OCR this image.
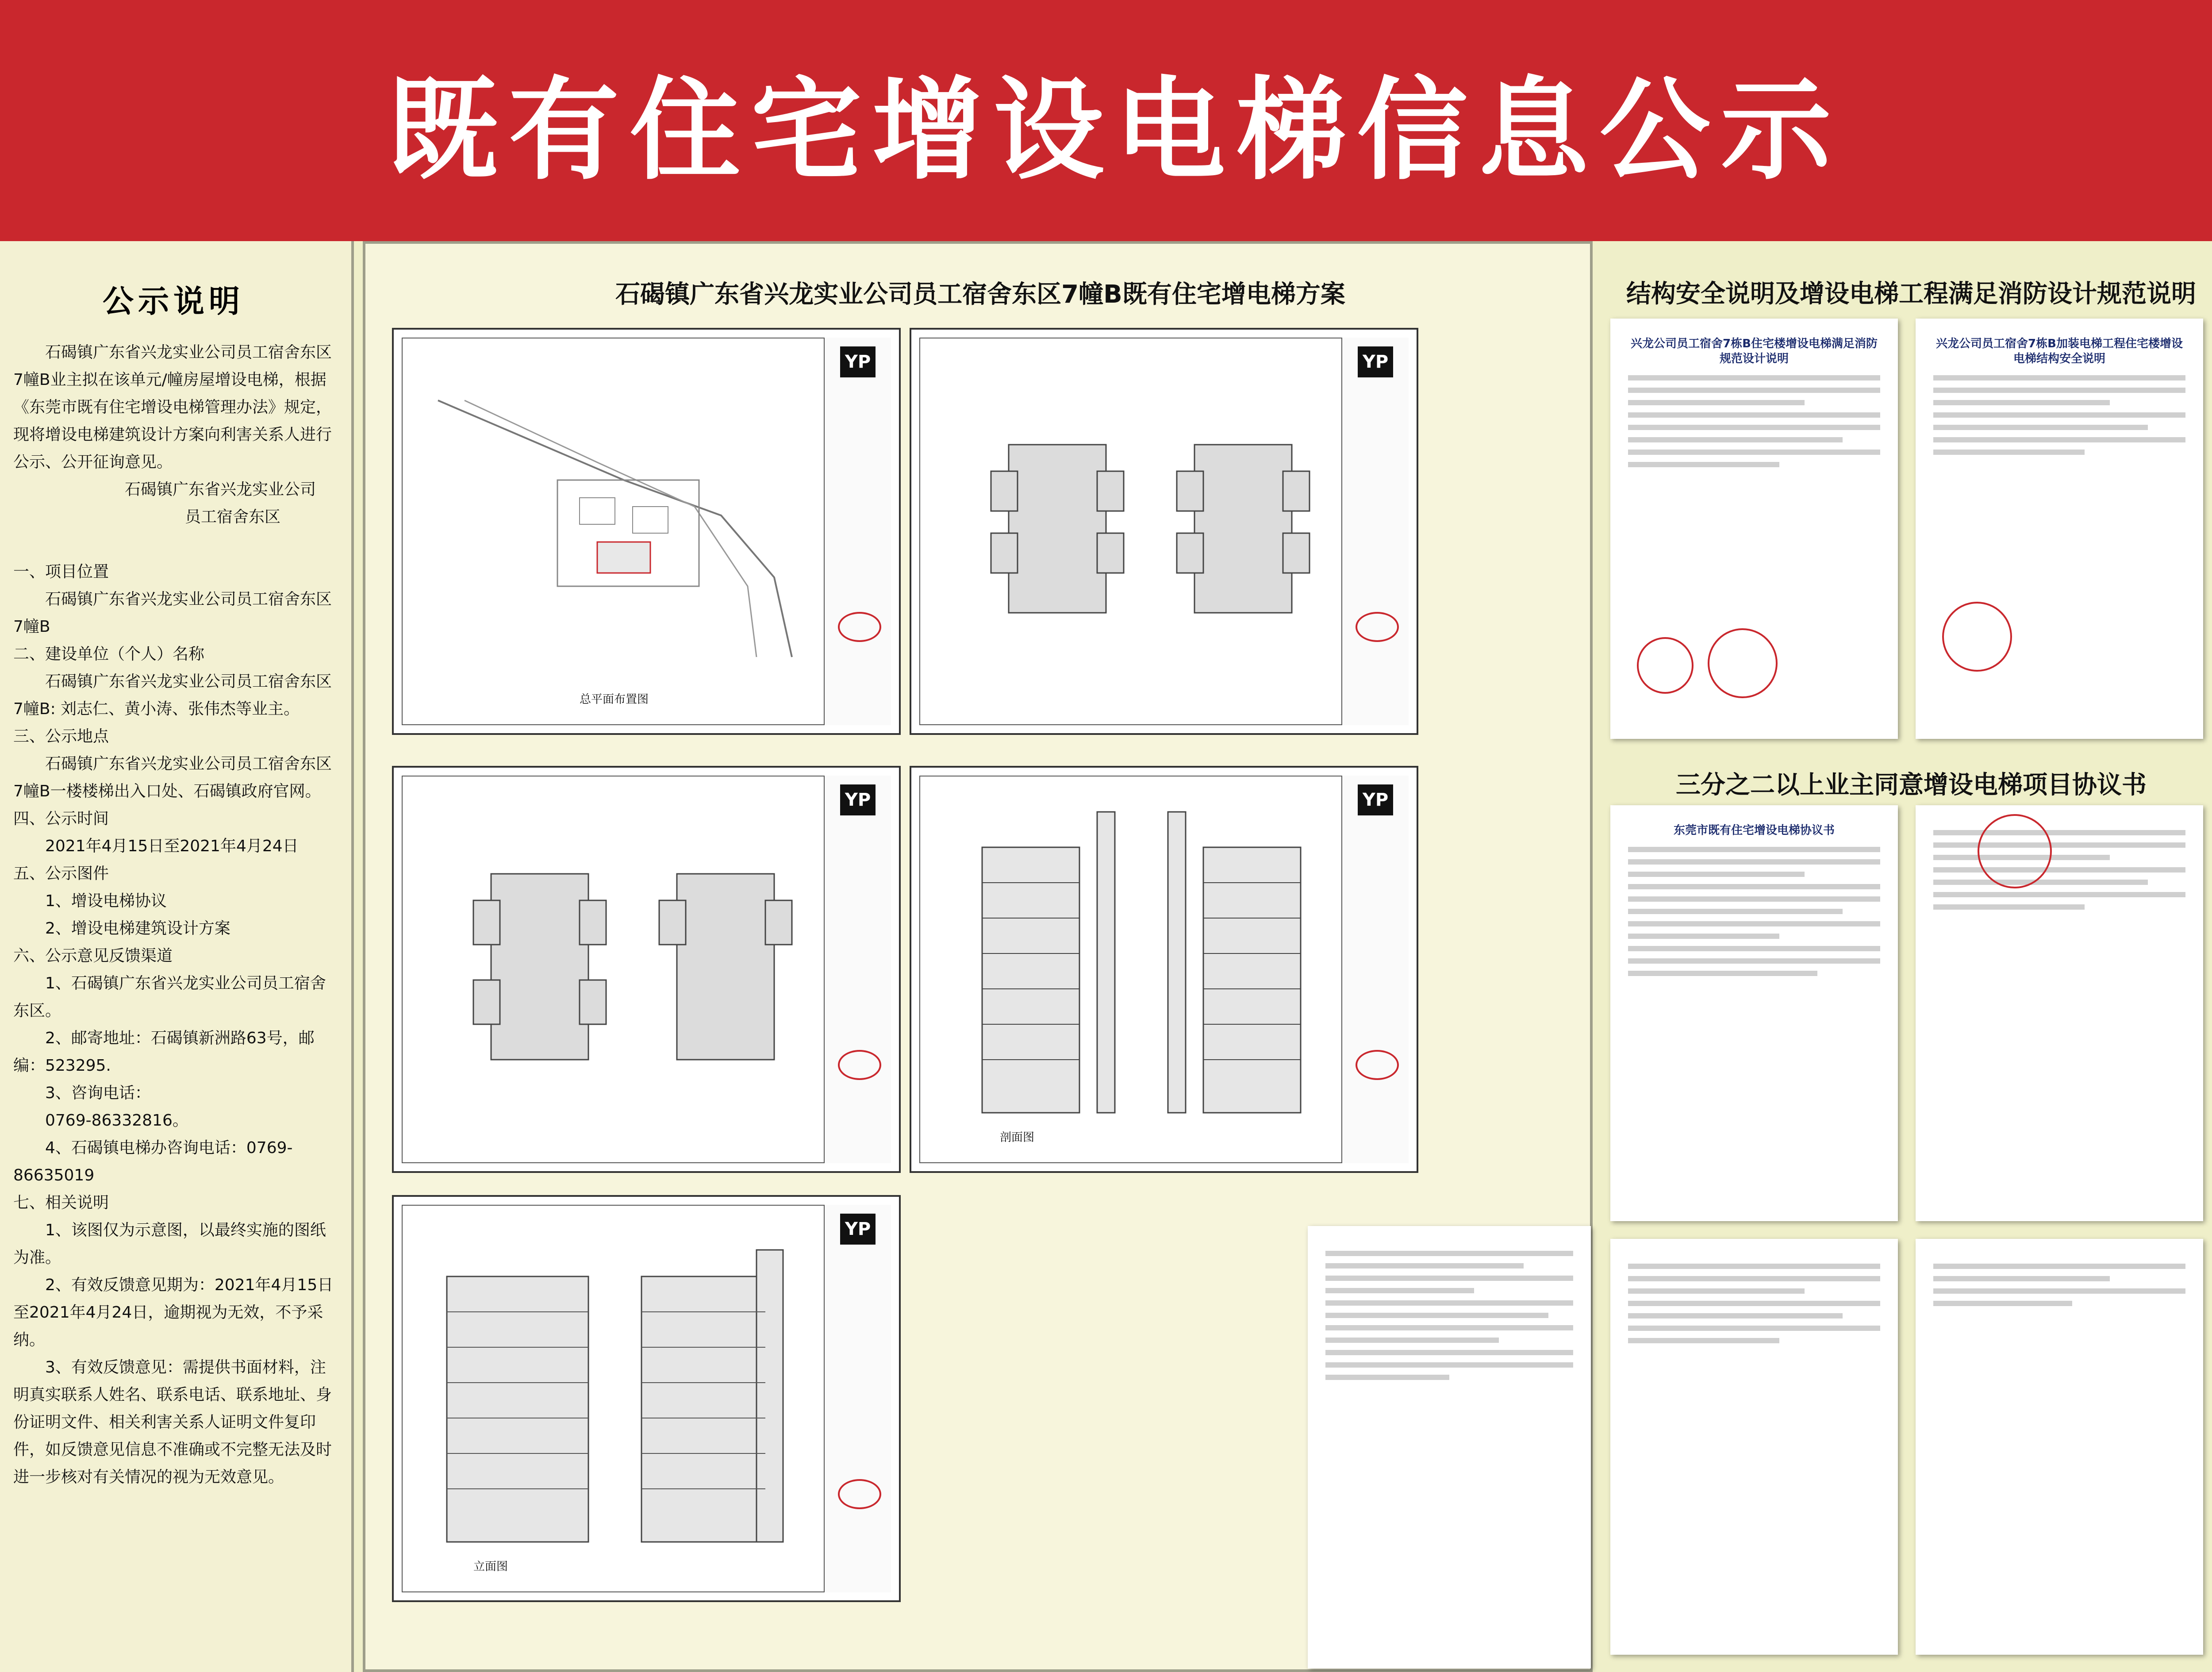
既有住宅增设电梯信息公示
公示说明

石碣镇广东省兴龙实业公司员工宿舍东区7幢B业主拟在该单元/幢房屋增设电梯，根据《东莞市既有住宅增设电梯管理办法》规定，现将增设电梯建筑设计方案向利害关系人进行公示、公开征询意见。

石碣镇广东省兴龙实业公司

员工宿舍东区

一、项目位置

石碣镇广东省兴龙实业公司员工宿舍东区7幢B

二、建设单位（个人）名称

石碣镇广东省兴龙实业公司员工宿舍东区7幢B: 刘志仁、黄小涛、张伟杰等业主。

三、公示地点

石碣镇广东省兴龙实业公司员工宿舍东区7幢B一楼楼梯出入口处、石碣镇政府官网。

四、公示时间

2021年4月15日至2021年4月24日

五、公示图件

1、增设电梯协议

2、增设电梯建筑设计方案

六、公示意见反馈渠道

1、石碣镇广东省兴龙实业公司员工宿舍东区。

2、邮寄地址：石碣镇新洲路63号，邮编：523295.

3、咨询电话：

0769-86332816。

4、石碣镇电梯办咨询电话：0769-86635019

七、相关说明

1、该图仅为示意图，以最终实施的图纸为准。

2、有效反馈意见期为：2021年4月15日至2021年4月24日，逾期视为无效，不予采纳。

3、有效反馈意见：需提供书面材料，注明真实联系人姓名、联系电话、联系地址、身份证明文件、相关利害关系人证明文件复印件，如反馈意见信息不准确或不完整无法及时进一步核对有关情况的视为无效意见。

石碣镇广东省兴龙实业公司员工宿舍东区7幢B既有住宅增电梯方案
总平面布置图
YP	YP
YP
剖面图
YP
立面图
YP
结构安全说明及增设电梯工程满足消防设计规范说明
兴龙公司员工宿舍7栋B住宅楼增设电梯满足消防规范设计说明
兴龙公司员工宿舍7栋B加装电梯工程住宅楼增设电梯结构安全说明
三分之二以上业主同意增设电梯项目协议书
东莞市既有住宅增设电梯协议书
